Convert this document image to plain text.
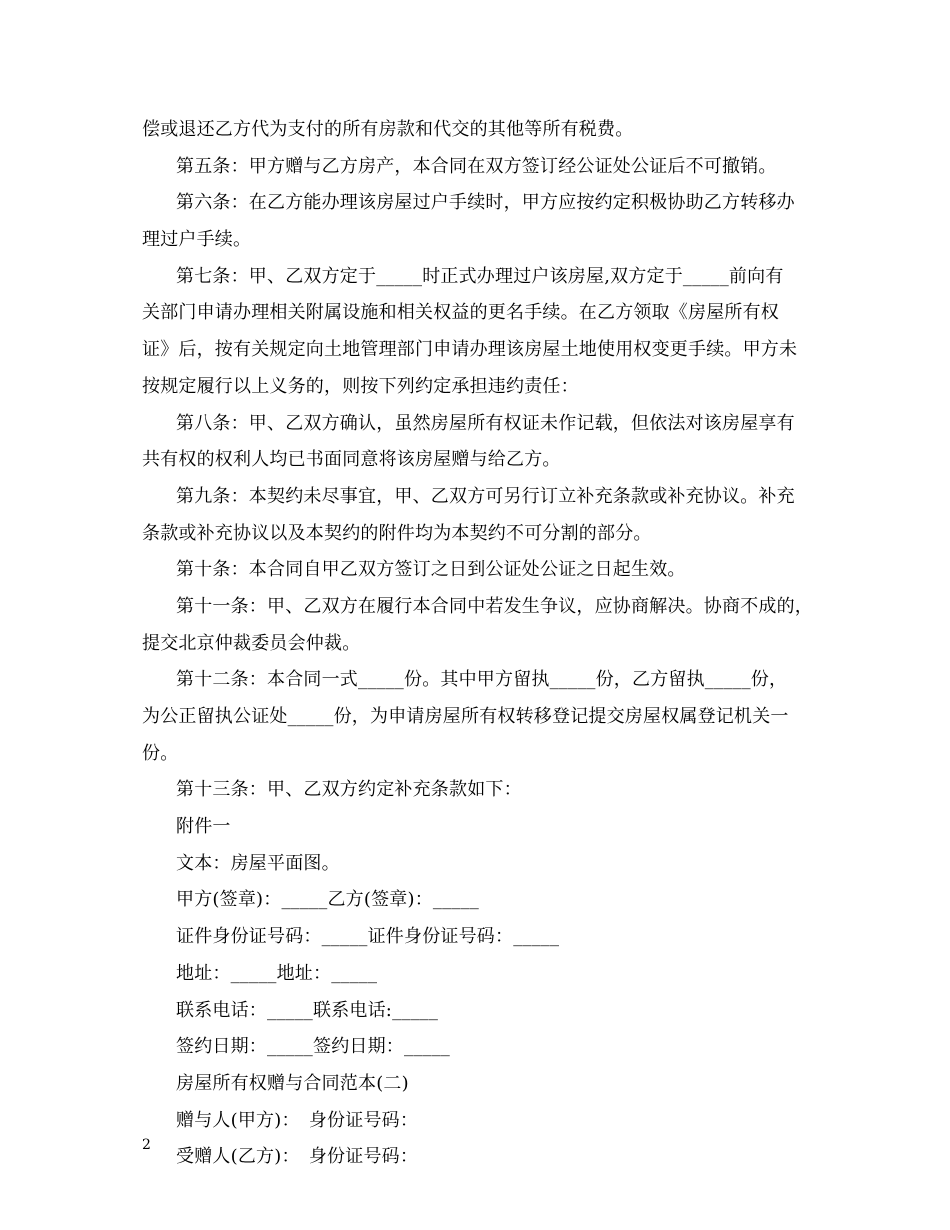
偿或退还乙方代为支付的所有房款和代交的其他等所有税费。
第五条：甲方赠与乙方房产，本合同在双方签订经公证处公证后不可撤销。
第六条：在乙方能办理该房屋过户手续时，甲方应按约定积极协助乙方转移办
理过户手续。
第七条：甲、乙双方定于_____时正式办理过户该房屋,双方定于_____前向有
关部门申请办理相关附属设施和相关权益的更名手续。在乙方领取《房屋所有权
证》后，按有关规定向土地管理部门申请办理该房屋土地使用权变更手续。甲方未
按规定履行以上义务的，则按下列约定承担违约责任：
第八条：甲、乙双方确认，虽然房屋所有权证未作记载，但依法对该房屋享有
共有权的权利人均已书面同意将该房屋赠与给乙方。
第九条：本契约未尽事宜，甲、乙双方可另行订立补充条款或补充协议。补充
条款或补充协议以及本契约的附件均为本契约不可分割的部分。
第十条：本合同自甲乙双方签订之日到公证处公证之日起生效。
第十一条：甲、乙双方在履行本合同中若发生争议，应协商解决。协商不成的，
提交北京仲裁委员会仲裁。
第十二条：本合同一式_____份。其中甲方留执_____份，乙方留执_____份，
为公正留执公证处_____份，为申请房屋所有权转移登记提交房屋权属登记机关一
份。
第十三条：甲、乙双方约定补充条款如下：
附件一
文本：房屋平面图。
甲方(签章)：_____乙方(签章)：_____
证件身份证号码：_____证件身份证号码：_____
地址：_____地址：_____
联系电话：_____联系电话:_____
签约日期：_____签约日期：_____
房屋所有权赠与合同范本(二)
赠与人(甲方)：　身份证号码：
受赠人(乙方)：　身份证号码：
2
